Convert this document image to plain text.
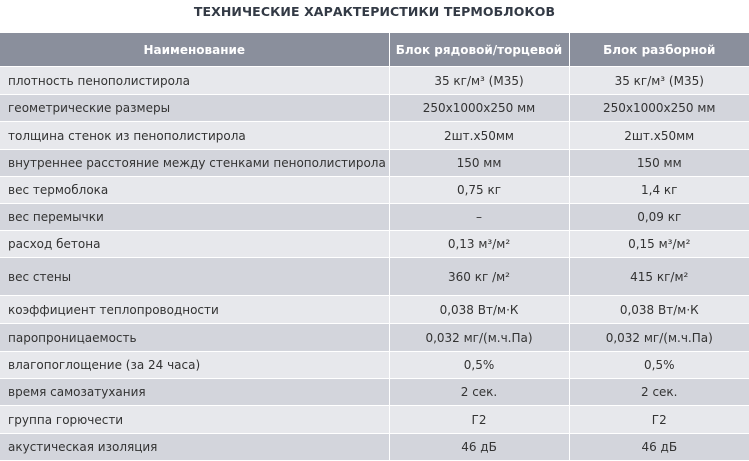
ТЕХНИЧЕСКИЕ ХАРАКТЕРИСТИКИ ТЕРМОБЛОКОВ
Наименование	Блок рядовой/торцевой	Блок разборной
плотность пенополистирола	35 кг/м³ (М35)	35 кг/м³ (М35)
геометрические размеры	250х1000х250 мм	250х1000х250 мм
толщина стенок из пенополистирола	2шт.х50мм	2шт.х50мм
внутреннее расстояние между стенками пенополистирола	150 мм	150 мм
вес термоблока	0,75 кг	1,4 кг
вес перемычки	–	0,09 кг
расход бетона	0,13 м³/м²	0,15 м³/м²
вес стены	360 кг /м²	415 кг/м²
коэффициент теплопроводности	0,038 Вт/м·К	0,038 Вт/м·К
паропроницаемость	0,032 мг/(м.ч.Па)	0,032 мг/(м.ч.Па)
влагопоглощение (за 24 часа)	0,5%	0,5%
время самозатухания	2 сек.	2 сек.
группа горючести	Г2	Г2
акустическая изоляция	46 дБ	46 дБ
